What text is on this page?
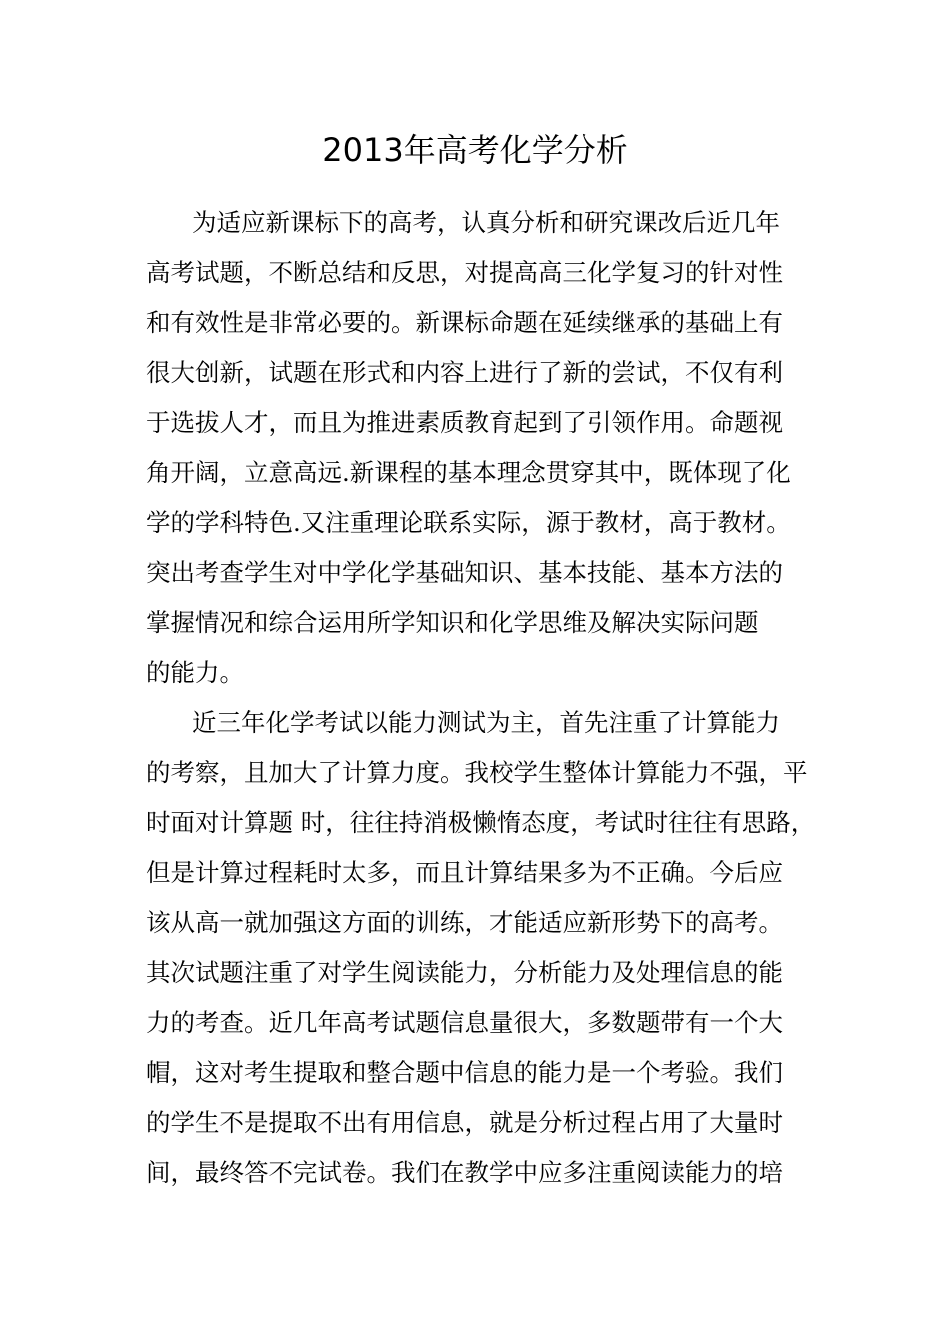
2013年高考化学分析
为适应新课标下的高考，认真分析和研究课改后近几年
高考试题，不断总结和反思，对提高高三化学复习的针对性
和有效性是非常必要的。新课标命题在延续继承的基础上有
很大创新，试题在形式和内容上进行了新的尝试，不仅有利
于选拔人才，而且为推进素质教育起到了引领作用。命题视
角开阔，立意高远.新课程的基本理念贯穿其中，既体现了化
学的学科特色.又注重理论联系实际，源于教材，高于教材。
突出考查学生对中学化学基础知识、基本技能、基本方法的
掌握情况和综合运用所学知识和化学思维及解决实际问题
的能力。
近三年化学考试以能力测试为主，首先注重了计算能力
的考察，且加大了计算力度。我校学生整体计算能力不强，平
时面对计算题 时，往往持消极懒惰态度，考试时往往有思路，
但是计算过程耗时太多，而且计算结果多为不正确。今后应
该从高一就加强这方面的训练，才能适应新形势下的高考。
其次试题注重了对学生阅读能力，分析能力及处理信息的能
力的考查。近几年高考试题信息量很大，多数题带有一个大
帽，这对考生提取和整合题中信息的能力是一个考验。我们
的学生不是提取不出有用信息，就是分析过程占用了大量时
间，最终答不完试卷。我们在教学中应多注重阅读能力的培
